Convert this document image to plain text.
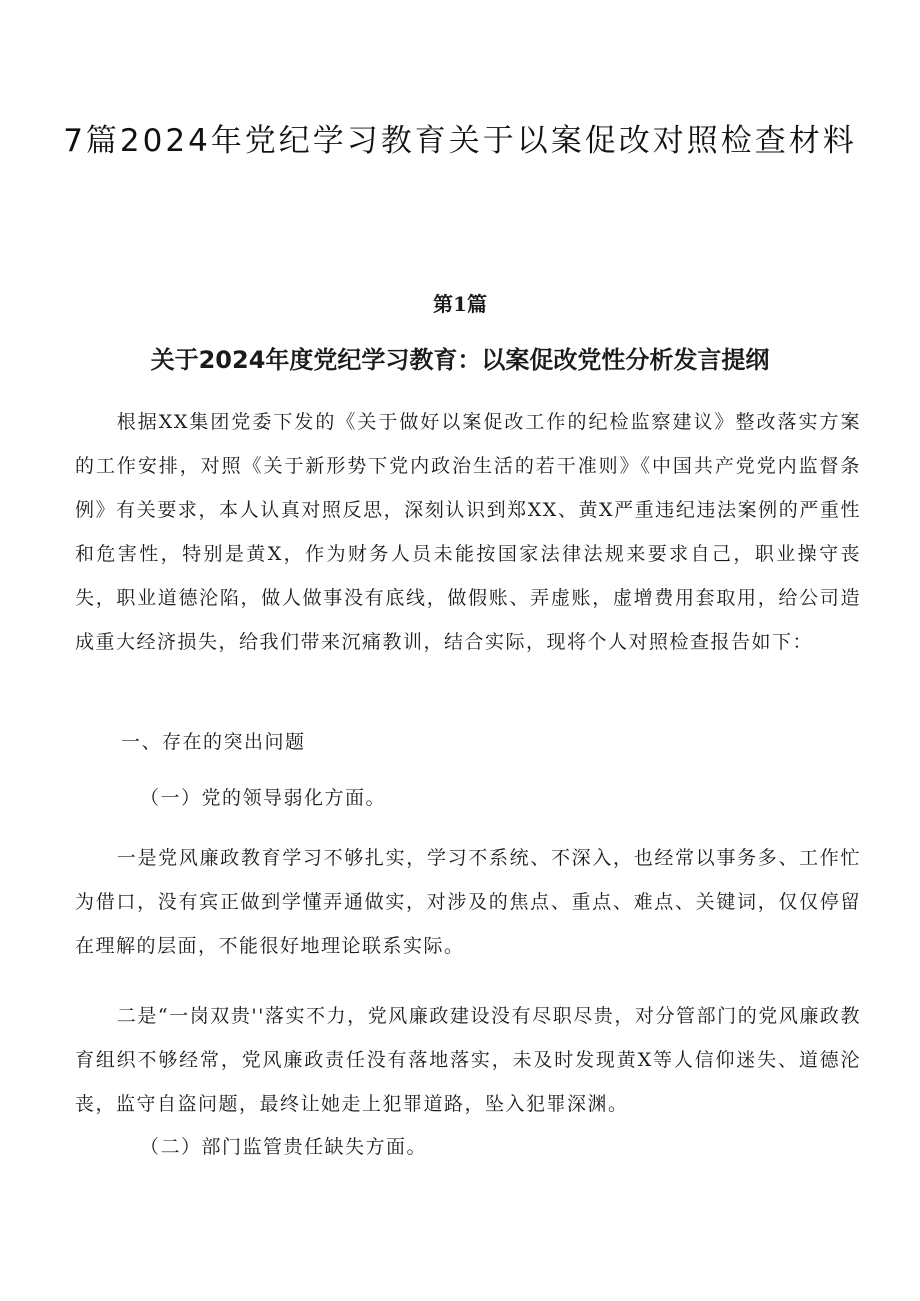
7篇2024年党纪学习教育关于以案促改对照检查材料
第1篇
关于2024年度党纪学习教育：以案促改党性分析发言提纲

根据XX集团党委下发的《关于做好以案促改工作的纪检监察建议》整改落实方案的工作安排，对照《关于新形势下党内政治生活的若干准则》《中国共产党党内监督条例》有关要求，本人认真对照反思，深刻认识到郑XX、黄X严重违纪违法案例的严重性和危害性，特别是黄X，作为财务人员未能按国家法律法规来要求自己，职业操守丧失，职业道德沦陷，做人做事没有底线，做假账、弄虚账，虚增费用套取用，给公司造成重大经济损失，给我们带来沉痛教训，结合实际，现将个人对照检查报告如下：

一、存在的突出问题

（一）党的领导弱化方面。

一是党风廉政教育学习不够扎实，学习不系统、不深入，也经常以事务多、工作忙为借口，没有宾正做到学懂弄通做实，对涉及的焦点、重点、难点、关键词，仅仅停留在理解的层面，不能很好地理论联系实际。

二是“一岗双贵''落实不力，党风廉政建设没有尽职尽贵，对分管部门的党风廉政教育组织不够经常，党风廉政责任没有落地落实，未及时发现黄X等人信仰迷失、道德沦丧，监守自盗问题，最终让她走上犯罪道路，坠入犯罪深渊。

（二）部门监管贵任缺失方面。
